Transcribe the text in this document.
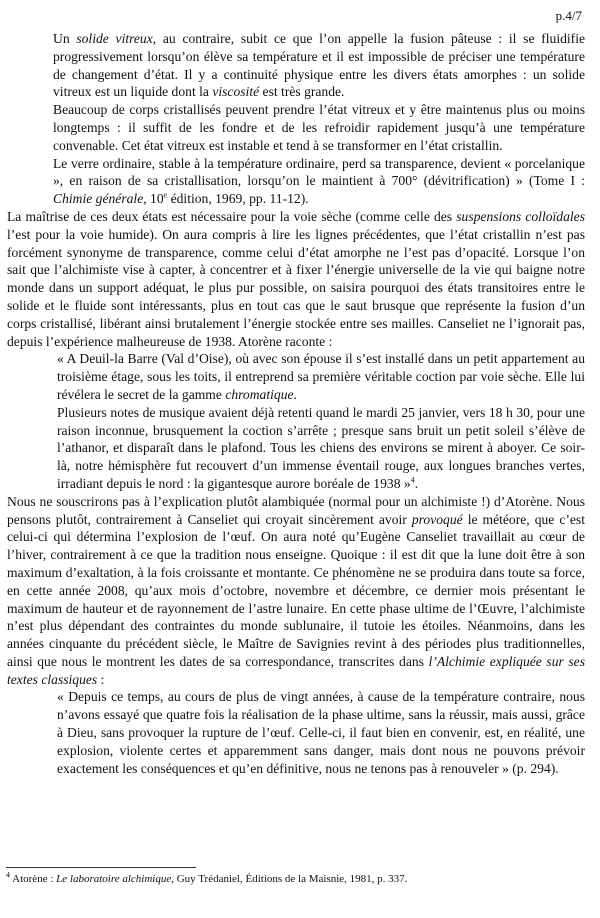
p.4/7

Un solide vitreux, au contraire, subit ce que l’on appelle la fusion pâteuse : il se fluidifie progressivement lorsqu’on élève sa température et il est impossible de préciser une température de changement d’état. Il y a continuité physique entre les divers états amorphes : un solide vitreux est un liquide dont la viscosité est très grande.

Beaucoup de corps cristallisés peuvent prendre l’état vitreux et y être maintenus plus ou moins longtemps : il suffit de les fondre et de les refroidir rapidement jusqu’à une température convenable. Cet état vitreux est instable et tend à se transformer en l’état cristallin.

Le verre ordinaire, stable à la température ordinaire, perd sa transparence, devient « porcelanique », en raison de sa cristallisation, lorsqu’on le maintient à 700° (dévitrification) » (Tome I : Chimie générale, 10e édition, 1969, pp. 11-12).

La maîtrise de ces deux états est nécessaire pour la voie sèche (comme celle des suspensions colloïdales l’est pour la voie humide). On aura compris à lire les lignes précédentes, que l’état cristallin n’est pas forcément synonyme de transparence, comme celui d’état amorphe ne l’est pas d’opacité. Lorsque l’on sait que l’alchimiste vise à capter, à concentrer et à fixer l’énergie universelle de la vie qui baigne notre monde dans un support adéquat, le plus pur possible, on saisira pourquoi des états transitoires entre le solide et le fluide sont intéressants, plus en tout cas que le saut brusque que représente la fusion d’un corps cristallisé, libérant ainsi brutalement l’énergie stockée entre ses mailles. Canseliet ne l’ignorait pas, depuis l’expérience malheureuse de 1938. Atorène raconte :

« A Deuil-la Barre (Val d’Oise), où avec son épouse il s’est installé dans un petit appartement au troisième étage, sous les toits, il entreprend sa première véritable coction par voie sèche. Elle lui révélera le secret de la gamme chromatique.

Plusieurs notes de musique avaient déjà retenti quand le mardi 25 janvier, vers 18 h 30, pour une raison inconnue, brusquement la coction s’arrête ; presque sans bruit un petit soleil s’élève de l’athanor, et disparaît dans le plafond. Tous les chiens des environs se mirent à aboyer. Ce soir-là, notre hémisphère fut recouvert d’un immense éventail rouge, aux longues branches vertes, irradiant depuis le nord : la gigantesque aurore boréale de 1938 »$^4$.

Nous ne souscrirons pas à l’explication plutôt alambiquée (normal pour un alchimiste !) d’Atorène. Nous pensons plutôt, contrairement à Canseliet qui croyait sincèrement avoir provoqué le météore, que c’est celui-ci qui détermina l’explosion de l’œuf. On aura noté qu’Eugène Canseliet travaillait au cœur de l’hiver, contrairement à ce que la tradition nous enseigne. Quoique : il est dit que la lune doit être à son maximum d’exaltation, à la fois croissante et montante. Ce phénomène ne se produira dans toute sa force, en cette année 2008, qu’aux mois d’octobre, novembre et décembre, ce dernier mois présentant le maximum de hauteur et de rayonnement de l’astre lunaire. En cette phase ultime de l’Œuvre, l’alchimiste n’est plus dépendant des contraintes du monde sublunaire, il tutoie les étoiles. Néanmoins, dans les années cinquante du précédent siècle, le Maître de Savignies revint à des périodes plus traditionnelles, ainsi que nous le montrent les dates de sa correspondance, transcrites dans l’Alchimie expliquée sur ses textes classiques :

« Depuis ce temps, au cours de plus de vingt années, à cause de la température contraire, nous n’avons essayé que quatre fois la réalisation de la phase ultime, sans la réussir, mais aussi, grâce à Dieu, sans provoquer la rupture de l’œuf. Celle-ci, il faut bien en convenir, est, en réalité, une explosion, violente certes et apparemment sans danger, mais dont nous ne pouvons prévoir exactement les conséquences et qu’en définitive, nous ne tenons pas à renouveler » (p. 294).

$^4$ Atorène : Le laboratoire alchimique, Guy Trédaniel, Éditions de la Maisnie, 1981, p. 337.
